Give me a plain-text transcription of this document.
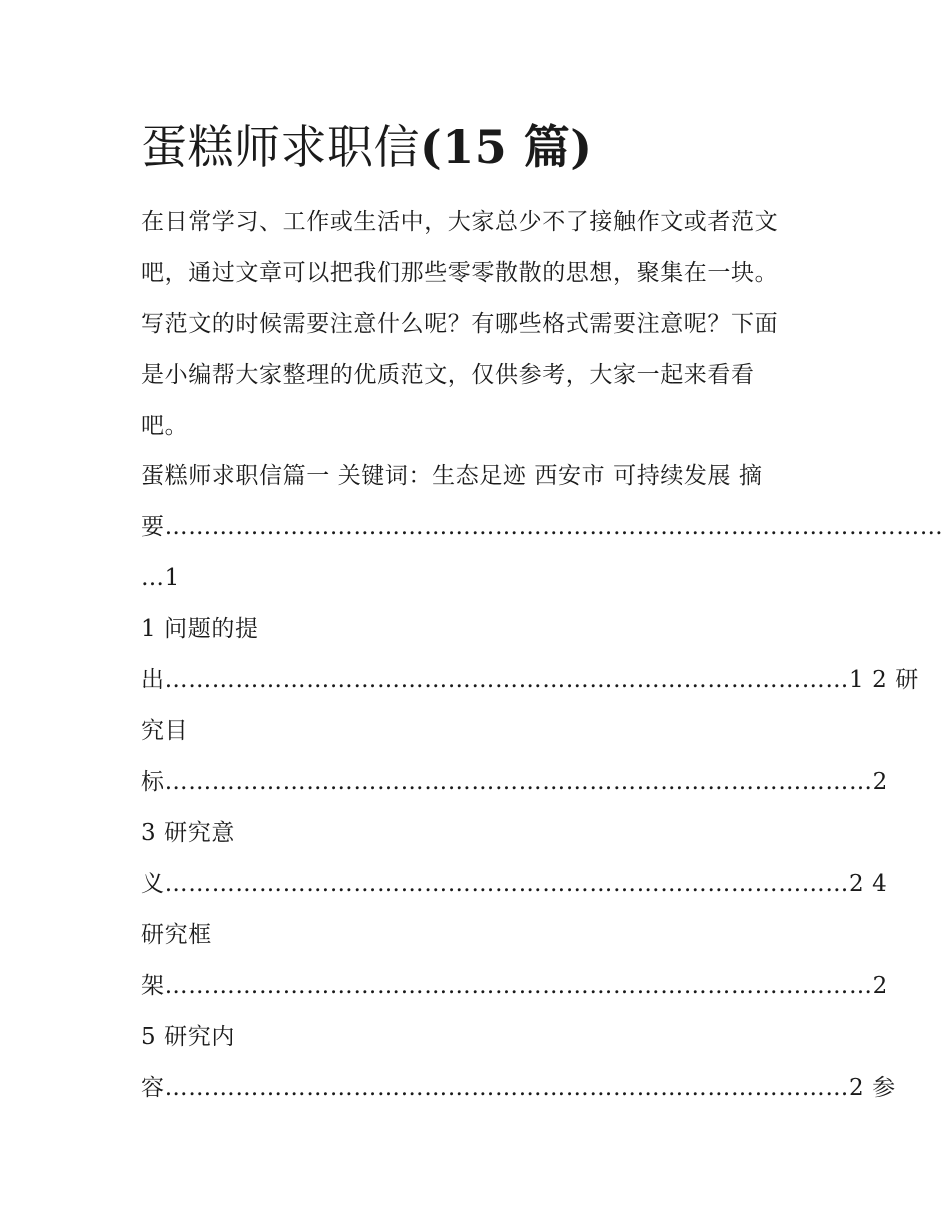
蛋糕师求职信(15 篇)

在日常学习、工作或生活中，大家总少不了接触作文或者范文

吧，通过文章可以把我们那些零零散散的思想，聚集在一块。

写范文的时候需要注意什么呢？有哪些格式需要注意呢？下面

是小编帮大家整理的优质范文，仅供参考，大家一起来看看

吧。

蛋糕师求职信篇一 关键词：生态足迹 西安市 可持续发展 摘

要………………………………………………………………………………………

…1

1 问题的提

出……………………………………………………………………………1 2 研

究目

标………………………………………………………………………………2

3 研究意

义……………………………………………………………………………2 4

研究框

架………………………………………………………………………………2

5 研究内

容……………………………………………………………………………2 参
